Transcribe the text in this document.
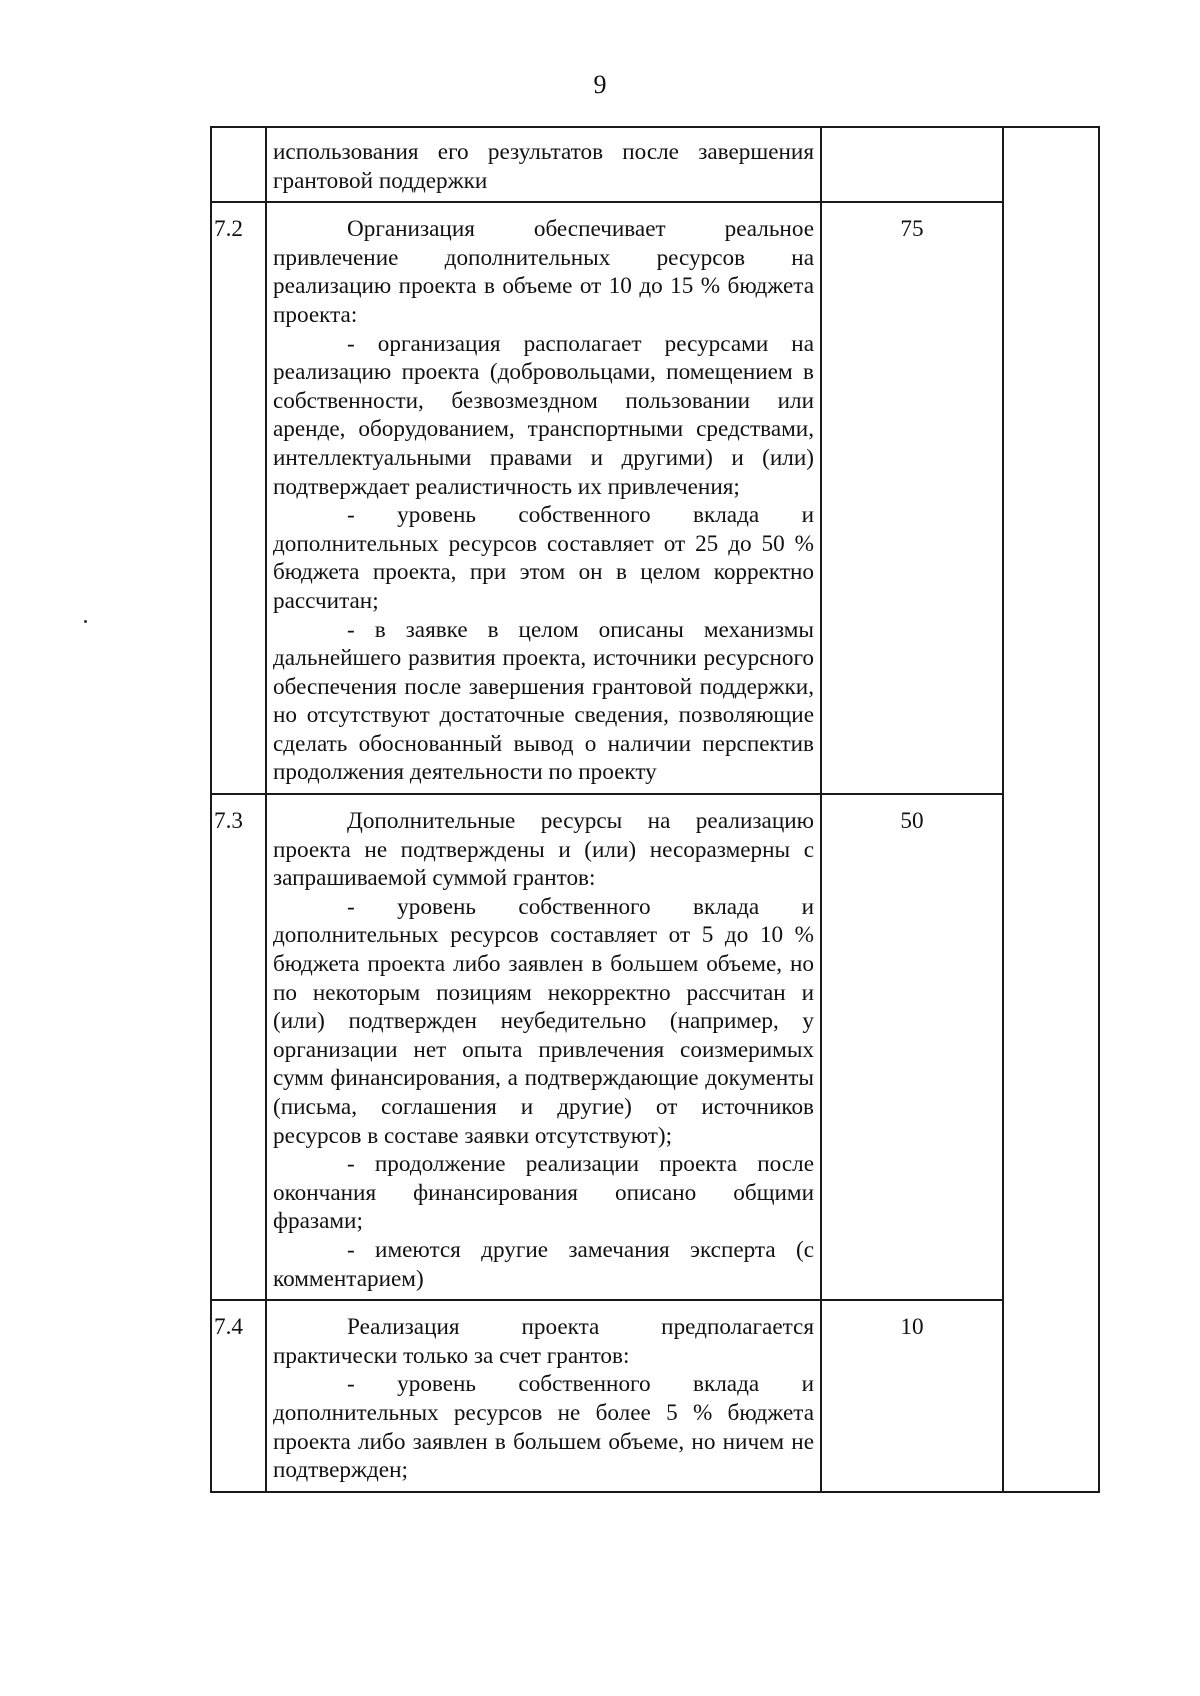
9

	использования его результатов после завершения грантовой поддержки		

7.2	Организация обеспечивает реальное привлечение дополнительных ресурсов на реализацию проекта в объеме от 10 до 15 % бюджета проекта:

- организация располагает ресурсами на реализацию проекта (добровольцами, помещением в собственности, безвозмездном пользовании или аренде, оборудованием, транспортными средствами, интеллектуальными правами и другими) и (или) подтверждает реалистичность их привлечения;

- уровень собственного вклада и дополнительных ресурсов составляет от 25 до 50 % бюджета проекта, при этом он в целом корректно рассчитан;

- в заявке в целом описаны механизмы дальнейшего развития проекта, источники ресурсного обеспечения после завершения грантовой поддержки, но отсутствуют достаточные сведения, позволяющие сделать обоснованный вывод о наличии перспектив продолжения деятельности по проекту	75	
7.3	Дополнительные ресурсы на реализацию проекта не подтверждены и (или) несоразмерны с запрашиваемой суммой грантов:

- уровень собственного вклада и дополнительных ресурсов составляет от 5 до 10 % бюджета проекта либо заявлен в большем объеме, но по некоторым позициям некорректно рассчитан и (или) подтвержден неубедительно (например, у организации нет опыта привлечения соизмеримых сумм финансирования, а подтверждающие документы (письма, соглашения и другие) от источников ресурсов в составе заявки отсутствуют);

- продолжение реализации проекта после окончания финансирования описано общими фразами;

- имеются другие замечания эксперта (с комментарием)	50	
7.4	Реализация проекта предполагается практически только за счет грантов:

- уровень собственного вклада и дополнительных ресурсов не более 5 % бюджета проекта либо заявлен в большем объеме, но ничем не подтвержден;	10	
